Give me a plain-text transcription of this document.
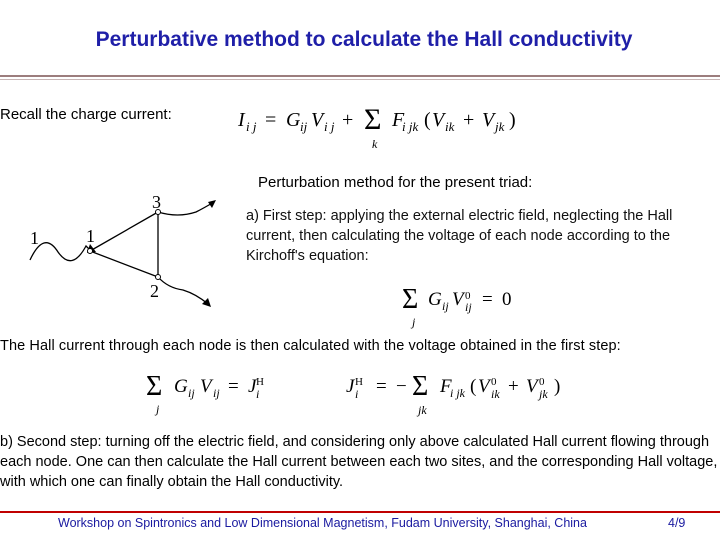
Perturbative method to calculate the Hall conductivity
Recall the charge current:	I i j = G ij V i j + Σ
k
F
i jk ( V ik + V jk )
Perturbation method for the present triad:
1	1
3
2
a) First step: applying the external electric field, neglecting the Hall current, then calculating the voltage of each node according to the Kirchoff's equation:
Σ
j
G ij V 0
ij = 0
The Hall current through each node is then calculated with the voltage obtained in the first step:
Σ
j
G ij V ij = J H
i	J H
i = − Σ
jk
F
i jk ( V 0
ik + V 0
jk )
b) Second step: turning off the electric field, and considering only above calculated Hall current flowing through each node. One can then calculate the Hall current between each two sites, and the corresponding Hall voltage, with which one can finally obtain the Hall conductivity.
Workshop on Spintronics and Low Dimensional Magnetism, Fudam University, Shanghai, China	4/9
